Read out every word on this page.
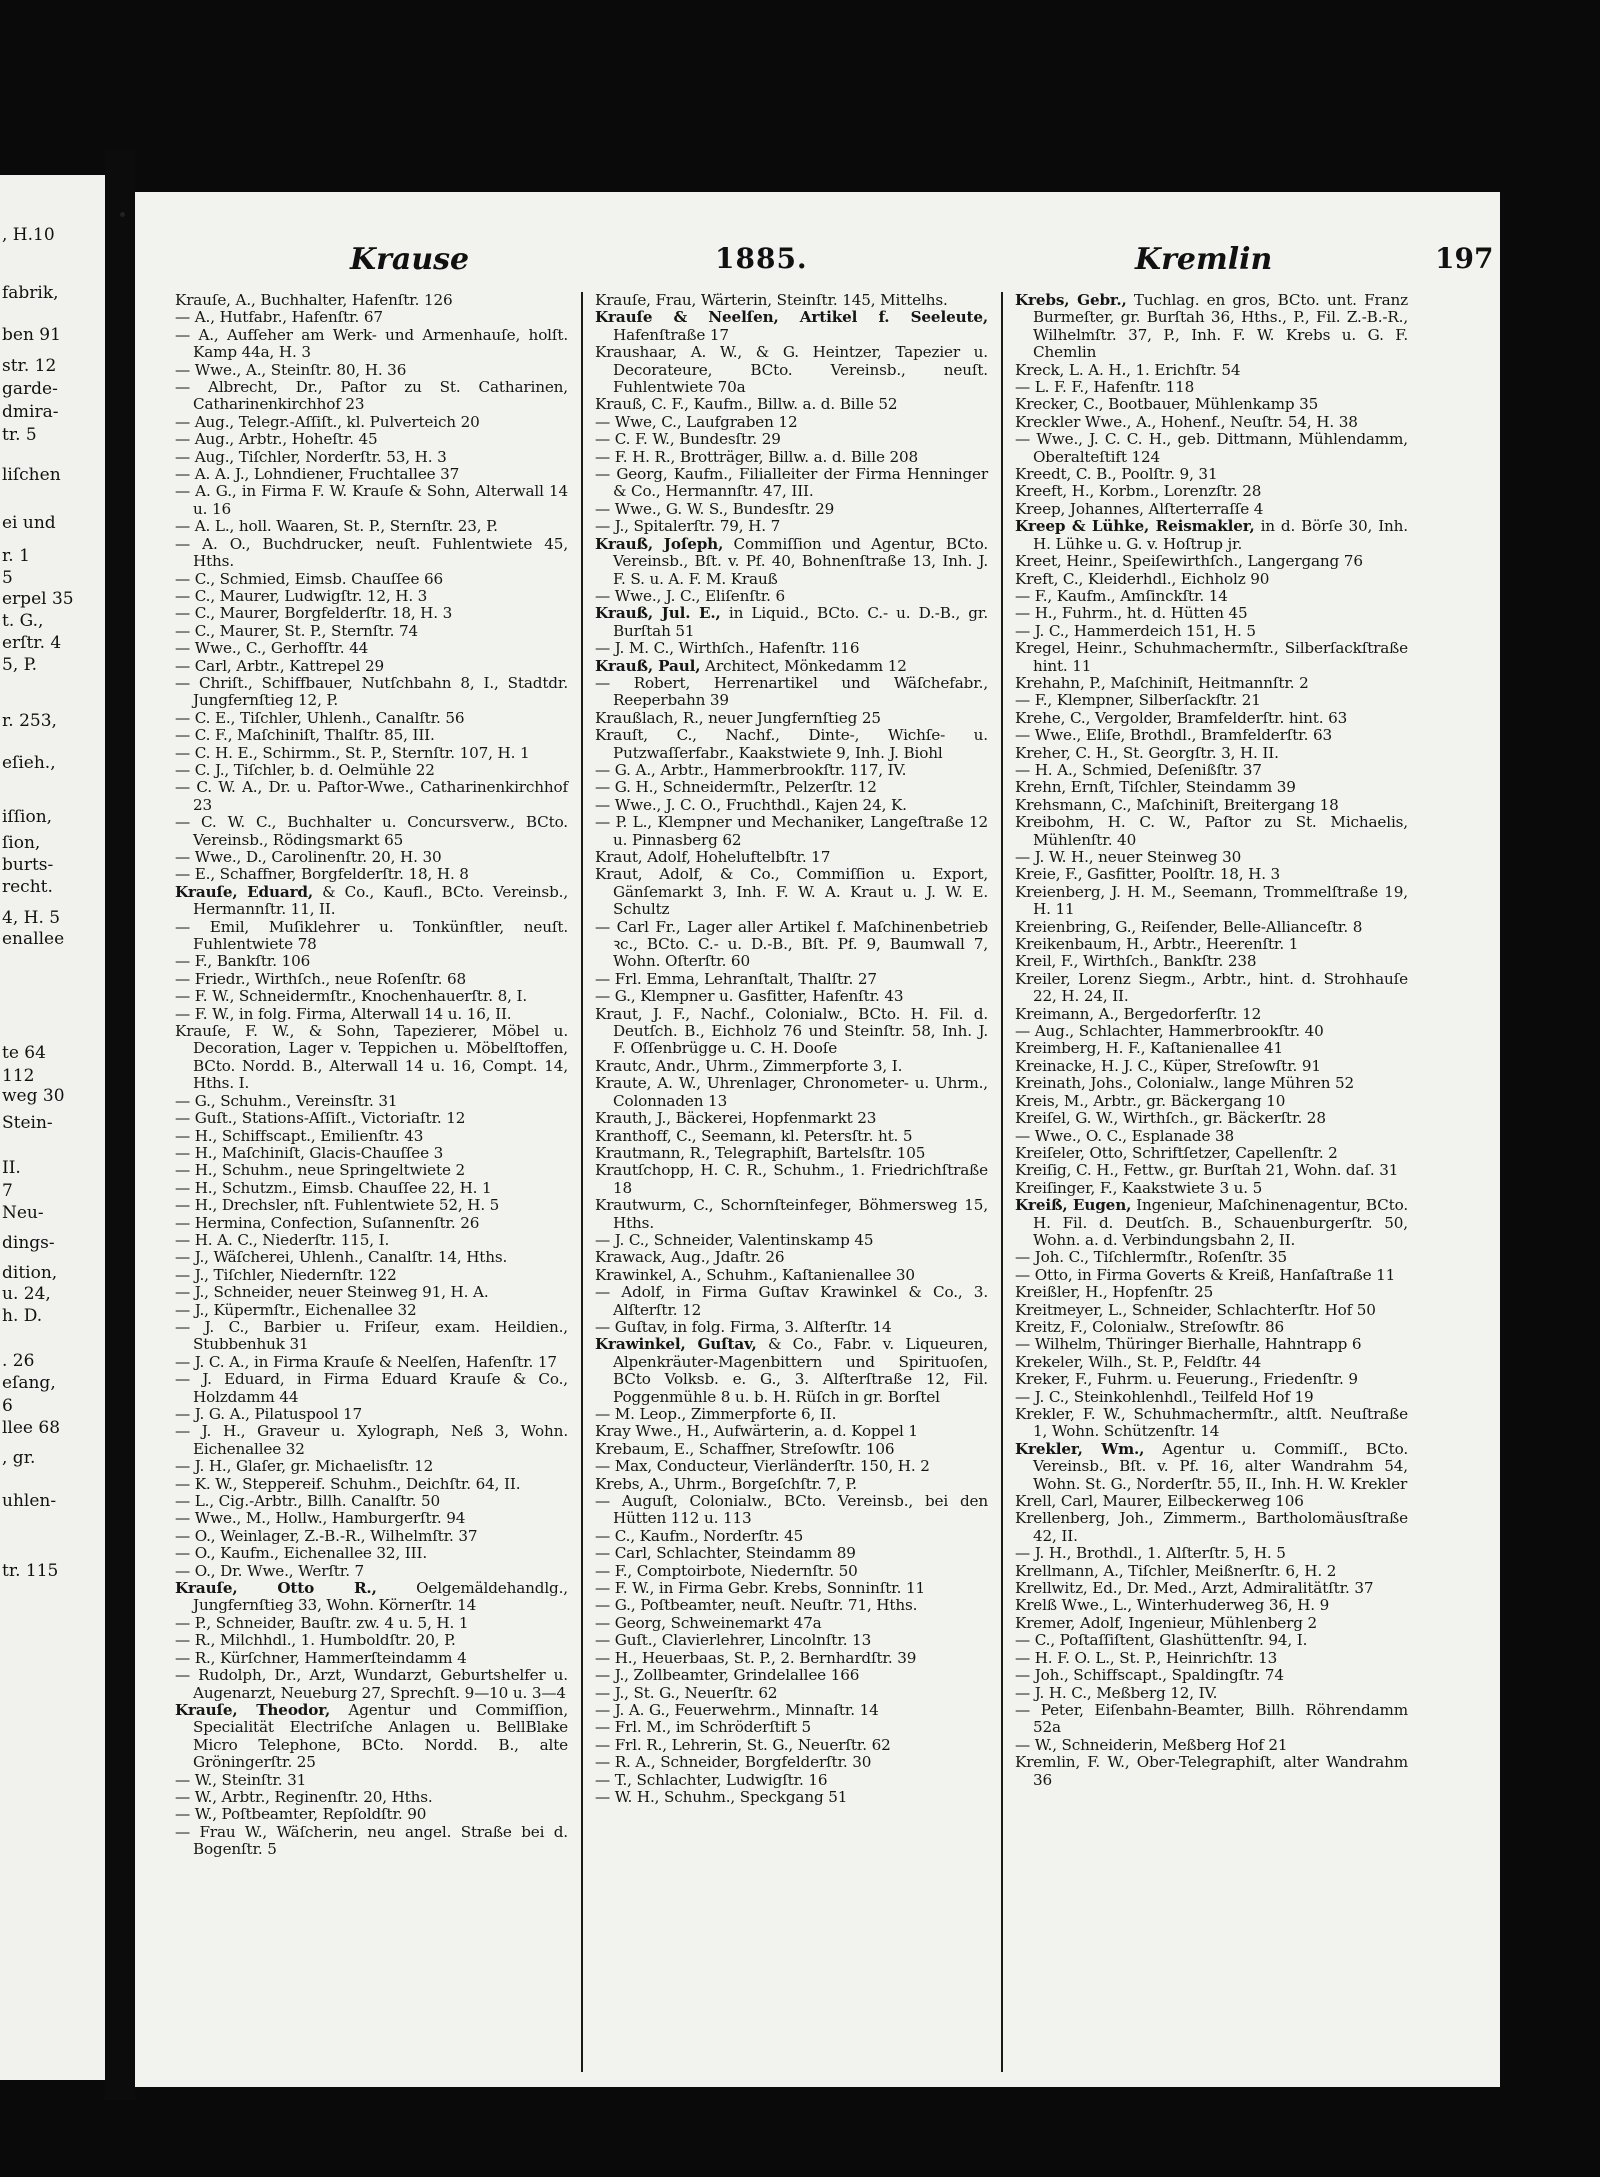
, H.10
fabrik,
ben 91
str. 12
garde-
dmira-
tr. 5
liſchen
ei und
r. 1
5
erpel 35
t. G.,
erſtr. 4
5, P.
r. 253,
eſieh.,
iſſion,
ſion,
burts-
recht.
4, H. 5
enallee
te 64
112
weg 30
Stein-
II.
7
Neu-
dings-
dition,
u. 24,
h. D.
. 26
eſang,
6
llee 68
, gr.
uhlen-
tr. 115
Krause	1885.	Kremlin	197

Krauſe, A., Buchhalter, Hafenſtr. 126

— A., Hutfabr., Hafenſtr. 67

— A., Aufſeher am Werk- und Armenhauſe, holſt. Kamp 44a, H. 3

— Wwe., A., Steinſtr. 80, H. 36

— Albrecht, Dr., Paſtor zu St. Catharinen, Catharinenkirchhof 23

— Aug., Telegr.-Aſſiſt., kl. Pulverteich 20

— Aug., Arbtr., Hoheſtr. 45

— Aug., Tiſchler, Norderſtr. 53, H. 3

— A. A. J., Lohndiener, Fruchtallee 37

— A. G., in Firma F. W. Krauſe & Sohn, Alterwall 14 u. 16

— A. L., holl. Waaren, St. P., Sternſtr. 23, P.

— A. O., Buchdrucker, neuſt. Fuhlentwiete 45, Hths.

— C., Schmied, Eimsb. Chauſſee 66

— C., Maurer, Ludwigſtr. 12, H. 3

— C., Maurer, Borgfelderſtr. 18, H. 3

— C., Maurer, St. P., Sternſtr. 74

— Wwe., C., Gerhofſtr. 44

— Carl, Arbtr., Kattrepel 29

— Chriſt., Schiffbauer, Nutſchbahn 8, I., Stadtdr. Jungfernſtieg 12, P.

— C. E., Tiſchler, Uhlenh., Canalſtr. 56

— C. F., Maſchiniſt, Thalſtr. 85, III.

— C. H. E., Schirmm., St. P., Sternſtr. 107, H. 1

— C. J., Tiſchler, b. d. Oelmühle 22

— C. W. A., Dr. u. Paſtor-Wwe., Catharinenkirchhof 23

— C. W. C., Buchhalter u. Concursverw., BCto. Vereinsb., Rödingsmarkt 65

— Wwe., D., Carolinenſtr. 20, H. 30

— E., Schaffner, Borgfelderſtr. 18, H. 8

Krauſe, Eduard, & Co., Kaufl., BCto. Vereinsb., Hermannſtr. 11, II.

— Emil, Muſiklehrer u. Tonkünſtler, neuſt. Fuhlentwiete 78

— F., Bankſtr. 106

— Friedr., Wirthſch., neue Roſenſtr. 68

— F. W., Schneidermſtr., Knochenhauerſtr. 8, I.

— F. W., in folg. Firma, Alterwall 14 u. 16, II.

Krauſe, F. W., & Sohn, Tapezierer, Möbel u. Decoration, Lager v. Teppichen u. Möbelſtoffen, BCto. Nordd. B., Alterwall 14 u. 16, Compt. 14, Hths. I.

— G., Schuhm., Vereinsſtr. 31

— Guſt., Stations-Aſſiſt., Victoriaſtr. 12

— H., Schiffscapt., Emilienſtr. 43

— H., Maſchiniſt, Glacis-Chauſſee 3

— H., Schuhm., neue Springeltwiete 2

— H., Schutzm., Eimsb. Chauſſee 22, H. 1

— H., Drechsler, nſt. Fuhlentwiete 52, H. 5

— Hermina, Confection, Suſannenſtr. 26

— H. A. C., Niederſtr. 115, I.

— J., Wäſcherei, Uhlenh., Canalſtr. 14, Hths.

— J., Tiſchler, Niedernſtr. 122

— J., Schneider, neuer Steinweg 91, H. A.

— J., Küpermſtr., Eichenallee 32

— J. C., Barbier u. Friſeur, exam. Heildien., Stubbenhuk 31

— J. C. A., in Firma Krauſe & Neelſen, Hafenſtr. 17

— J. Eduard, in Firma Eduard Krauſe & Co., Holzdamm 44

— J. G. A., Pilatuspool 17

— J. H., Graveur u. Xylograph, Neß 3, Wohn. Eichenallee 32

— J. H., Glaſer, gr. Michaelisſtr. 12

— K. W., Steppereif. Schuhm., Deichſtr. 64, II.

— L., Cig.-Arbtr., Billh. Canalſtr. 50

— Wwe., M., Hollw., Hamburgerſtr. 94

— O., Weinlager, Z.-B.-R., Wilhelmſtr. 37

— O., Kaufm., Eichenallee 32, III.

— O., Dr. Wwe., Werſtr. 7

Krauſe, Otto R., Oelgemäldehandlg., Jungfernſtieg 33, Wohn. Körnerſtr. 14

— P., Schneider, Bauſtr. zw. 4 u. 5, H. 1

— R., Milchhdl., 1. Humboldſtr. 20, P.

— R., Kürſchner, Hammerſteindamm 4

— Rudolph, Dr., Arzt, Wundarzt, Geburtshelfer u. Augenarzt, Neueburg 27, Sprechſt. 9—10 u. 3—4

Krauſe, Theodor, Agentur und Commiſſion, Specialität Electriſche Anlagen u. BellBlake Micro Telephone, BCto. Nordd. B., alte Gröningerſtr. 25

— W., Steinſtr. 31

— W., Arbtr., Reginenſtr. 20, Hths.

— W., Poſtbeamter, Repſoldſtr. 90

— Frau W., Wäſcherin, neu angel. Straße bei d. Bogenſtr. 5

Krauſe, Frau, Wärterin, Steinſtr. 145, Mittelhs.

Krauſe & Neelſen, Artikel f. Seeleute, Hafenſtraße 17

Kraushaar, A. W., & G. Heintzer, Tapezier u. Decorateure, BCto. Vereinsb., neuſt. Fuhlentwiete 70a

Krauß, C. F., Kaufm., Billw. a. d. Bille 52

— Wwe, C., Laufgraben 12

— C. F. W., Bundesſtr. 29

— F. H. R., Brotträger, Billw. a. d. Bille 208

— Georg, Kaufm., Filialleiter der Firma Henninger & Co., Hermannſtr. 47, III.

— Wwe., G. W. S., Bundesſtr. 29

— J., Spitalerſtr. 79, H. 7

Krauß, Joſeph, Commiſſion und Agentur, BCto. Vereinsb., Bſt. v. Pf. 40, Bohnenſtraße 13, Inh. J. F. S. u. A. F. M. Krauß

— Wwe., J. C., Eliſenſtr. 6

Krauß, Jul. E., in Liquid., BCto. C.- u. D.-B., gr. Burſtah 51

— J. M. C., Wirthſch., Hafenſtr. 116

Krauß, Paul, Architect, Mönkedamm 12

— Robert, Herrenartikel und Wäſchefabr., Reeperbahn 39

Kraußlach, R., neuer Jungfernſtieg 25

Krauſt, C., Nachf., Dinte-, Wichſe- u. Putzwaſſerfabr., Kaakstwiete 9, Inh. J. Biohl

— G. A., Arbtr., Hammerbrookſtr. 117, IV.

— G. H., Schneidermſtr., Pelzerſtr. 12

— Wwe., J. C. O., Fruchthdl., Kajen 24, K.

— P. L., Klempner und Mechaniker, Langeſtraße 12 u. Pinnasberg 62

Kraut, Adolf, Hoheluftelbſtr. 17

Kraut, Adolf, & Co., Commiſſion u. Export, Gänſemarkt 3, Inh. F. W. A. Kraut u. J. W. E. Schultz

— Carl Fr., Lager aller Artikel f. Maſchinenbetrieb ꝛc., BCto. C.- u. D.-B., Bſt. Pf. 9, Baumwall 7, Wohn. Oſterſtr. 60

— Frl. Emma, Lehranſtalt, Thalſtr. 27

— G., Klempner u. Gasfitter, Hafenſtr. 43

Kraut, J. F., Nachf., Colonialw., BCto. H. Fil. d. Deutſch. B., Eichholz 76 und Steinſtr. 58, Inh. J. F. Oſſenbrügge u. C. H. Dooſe

Krautc, Andr., Uhrm., Zimmerpforte 3, I.

Kraute, A. W., Uhrenlager, Chronometer- u. Uhrm., Colonnaden 13

Krauth, J., Bäckerei, Hopfenmarkt 23

Kranthoff, C., Seemann, kl. Petersſtr. ht. 5

Krautmann, R., Telegraphiſt, Bartelsſtr. 105

Krautſchopp, H. C. R., Schuhm., 1. Friedrichſtraße 18

Krautwurm, C., Schornſteinfeger, Böhmersweg 15, Hths.

— J. C., Schneider, Valentinskamp 45

Krawack, Aug., Jdaſtr. 26

Krawinkel, A., Schuhm., Kaſtanienallee 30

— Adolf, in Firma Guſtav Krawinkel & Co., 3. Alſterſtr. 12

— Guſtav, in folg. Firma, 3. Alſterſtr. 14

Krawinkel, Guſtav, & Co., Fabr. v. Liqueuren, Alpenkräuter-Magenbittern und Spirituoſen, BCto Volksb. e. G., 3. Alſterſtraße 12, Fil. Poggenmühle 8 u. b. H. Rüſch in gr. Borſtel

— M. Leop., Zimmerpforte 6, II.

Kray Wwe., H., Aufwärterin, a. d. Koppel 1

Krebaum, E., Schaffner, Streſowſtr. 106

— Max, Conducteur, Vierländerſtr. 150, H. 2

Krebs, A., Uhrm., Borgeſchſtr. 7, P.

— Auguſt, Colonialw., BCto. Vereinsb., bei den Hütten 112 u. 113

— C., Kaufm., Norderſtr. 45

— Carl, Schlachter, Steindamm 89

— F., Comptoirbote, Niedernſtr. 50

— F. W., in Firma Gebr. Krebs, Sonninſtr. 11

— G., Poſtbeamter, neuſt. Neuſtr. 71, Hths.

— Georg, Schweinemarkt 47a

— Guſt., Clavierlehrer, Lincolnſtr. 13

— H., Heuerbaas, St. P., 2. Bernhardſtr. 39

— J., Zollbeamter, Grindelallee 166

— J., St. G., Neuerſtr. 62

— J. A. G., Feuerwehrm., Minnaſtr. 14

— Frl. M., im Schröderſtift 5

— Frl. R., Lehrerin, St. G., Neuerſtr. 62

— R. A., Schneider, Borgfelderſtr. 30

— T., Schlachter, Ludwigſtr. 16

— W. H., Schuhm., Speckgang 51

Krebs, Gebr., Tuchlag. en gros, BCto. unt. Franz Burmeſter, gr. Burſtah 36, Hths., P., Fil. Z.-B.-R., Wilhelmſtr. 37, P., Inh. F. W. Krebs u. G. F. Chemlin

Kreck, L. A. H., 1. Erichſtr. 54

— L. F. F., Hafenſtr. 118

Krecker, C., Bootbauer, Mühlenkamp 35

Kreckler Wwe., A., Hohenf., Neuſtr. 54, H. 38

— Wwe., J. C. C. H., geb. Dittmann, Mühlendamm, Oberalteſtift 124

Kreedt, C. B., Poolſtr. 9, 31

Kreeft, H., Korbm., Lorenzſtr. 28

Kreep, Johannes, Alſterterraſſe 4

Kreep & Lühke, Reismakler, in d. Börſe 30, Inh. H. Lühke u. G. v. Hoſtrup jr.

Kreet, Heinr., Speiſewirthſch., Langergang 76

Kreft, C., Kleiderhdl., Eichholz 90

— F., Kaufm., Amſinckſtr. 14

— H., Fuhrm., ht. d. Hütten 45

— J. C., Hammerdeich 151, H. 5

Kregel, Heinr., Schuhmachermſtr., Silberſackſtraße hint. 11

Krehahn, P., Maſchiniſt, Heitmannſtr. 2

— F., Klempner, Silberſackſtr. 21

Krehe, C., Vergolder, Bramfelderſtr. hint. 63

— Wwe., Eliſe, Brothdl., Bramfelderſtr. 63

Kreher, C. H., St. Georgſtr. 3, H. II.

— H. A., Schmied, Deſenißſtr. 37

Krehn, Ernſt, Tiſchler, Steindamm 39

Krehsmann, C., Maſchiniſt, Breitergang 18

Kreibohm, H. C. W., Paſtor zu St. Michaelis, Mühlenſtr. 40

— J. W. H., neuer Steinweg 30

Kreie, F., Gasfitter, Poolſtr. 18, H. 3

Kreienberg, J. H. M., Seemann, Trommelſtraße 19, H. 11

Kreienbring, G., Reiſender, Belle-Allianceſtr. 8

Kreikenbaum, H., Arbtr., Heerenſtr. 1

Kreil, F., Wirthſch., Bankſtr. 238

Kreiler, Lorenz Siegm., Arbtr., hint. d. Strohhauſe 22, H. 24, II.

Kreimann, A., Bergedorferſtr. 12

— Aug., Schlachter, Hammerbrookſtr. 40

Kreimberg, H. F., Kaſtanienallee 41

Kreinacke, H. J. C., Küper, Streſowſtr. 91

Kreinath, Johs., Colonialw., lange Mühren 52

Kreis, M., Arbtr., gr. Bäckergang 10

Kreiſel, G. W., Wirthſch., gr. Bäckerſtr. 28

— Wwe., O. C., Esplanade 38

Kreiſeler, Otto, Schriftſetzer, Capellenſtr. 2

Kreiſig, C. H., Fettw., gr. Burſtah 21, Wohn. daſ. 31

Kreiſinger, F., Kaakstwiete 3 u. 5

Kreiß, Eugen, Ingenieur, Maſchinenagentur, BCto. H. Fil. d. Deutſch. B., Schauenburgerſtr. 50, Wohn. a. d. Verbindungsbahn 2, II.

— Joh. C., Tiſchlermſtr., Roſenſtr. 35

— Otto, in Firma Goverts & Kreiß, Hanſaſtraße 11

Kreißler, H., Hopfenſtr. 25

Kreitmeyer, L., Schneider, Schlachterſtr. Hof 50

Kreitz, F., Colonialw., Streſowſtr. 86

— Wilhelm, Thüringer Bierhalle, Hahntrapp 6

Krekeler, Wilh., St. P., Feldſtr. 44

Kreker, F., Fuhrm. u. Feuerung., Friedenſtr. 9

— J. C., Steinkohlenhdl., Teilfeld Hof 19

Krekler, F. W., Schuhmachermſtr., altſt. Neuſtraße 1, Wohn. Schützenſtr. 14

Krekler, Wm., Agentur u. Commiſſ., BCto. Vereinsb., Bſt. v. Pf. 16, alter Wandrahm 54, Wohn. St. G., Norderſtr. 55, II., Inh. H. W. Krekler

Krell, Carl, Maurer, Eilbeckerweg 106

Krellenberg, Joh., Zimmerm., Bartholomäusſtraße 42, II.

— J. H., Brothdl., 1. Alſterſtr. 5, H. 5

Krellmann, A., Tiſchler, Meißnerſtr. 6, H. 2

Krellwitz, Ed., Dr. Med., Arzt, Admiralitätſtr. 37

Krelß Wwe., L., Winterhuderweg 36, H. 9

Kremer, Adolf, Ingenieur, Mühlenberg 2

— C., Poſtaſſiſtent, Glashüttenſtr. 94, I.

— H. F. O. L., St. P., Heinrichſtr. 13

— Joh., Schiffscapt., Spaldingſtr. 74

— J. H. C., Meßberg 12, IV.

— Peter, Eiſenbahn-Beamter, Billh. Röhrendamm 52a

— W., Schneiderin, Meßberg Hof 21

Kremlin, F. W., Ober-Telegraphiſt, alter Wandrahm 36
